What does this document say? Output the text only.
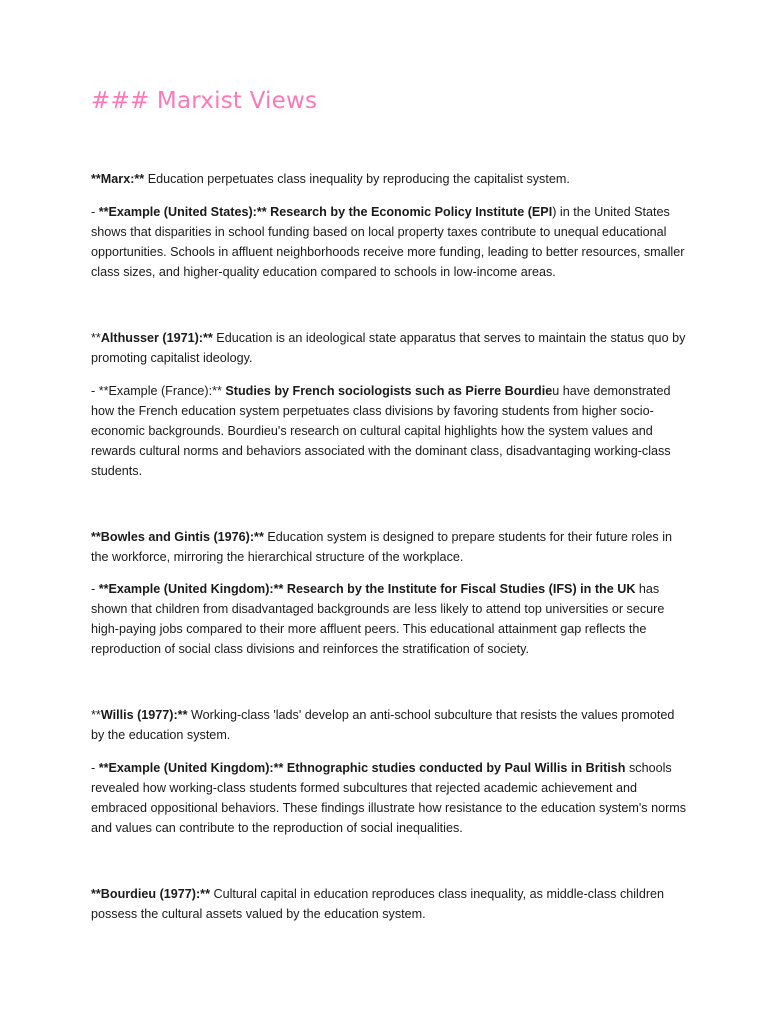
### Marxist Views
**Marx:** Education perpetuates class inequality by reproducing the capitalist system.
- **Example (United States):** Research by the Economic Policy Institute (EPI) in the United States shows that disparities in school funding based on local property taxes contribute to unequal educational opportunities. Schools in affluent neighborhoods receive more funding, leading to better resources, smaller class sizes, and higher-quality education compared to schools in low-income areas.
**Althusser (1971):** Education is an ideological state apparatus that serves to maintain the status quo by promoting capitalist ideology.
- **Example (France):** Studies by French sociologists such as Pierre Bourdieu have demonstrated how the French education system perpetuates class divisions by favoring students from higher socio-economic backgrounds. Bourdieu's research on cultural capital highlights how the system values and rewards cultural norms and behaviors associated with the dominant class, disadvantaging working-class students.
**Bowles and Gintis (1976):** Education system is designed to prepare students for their future roles in the workforce, mirroring the hierarchical structure of the workplace.
- **Example (United Kingdom):** Research by the Institute for Fiscal Studies (IFS) in the UK has shown that children from disadvantaged backgrounds are less likely to attend top universities or secure high-paying jobs compared to their more affluent peers. This educational attainment gap reflects the reproduction of social class divisions and reinforces the stratification of society.
**Willis (1977):** Working-class 'lads' develop an anti-school subculture that resists the values promoted by the education system.
- **Example (United Kingdom):** Ethnographic studies conducted by Paul Willis in British schools revealed how working-class students formed subcultures that rejected academic achievement and embraced oppositional behaviors. These findings illustrate how resistance to the education system's norms and values can contribute to the reproduction of social inequalities.
**Bourdieu (1977):** Cultural capital in education reproduces class inequality, as middle-class children possess the cultural assets valued by the education system.
